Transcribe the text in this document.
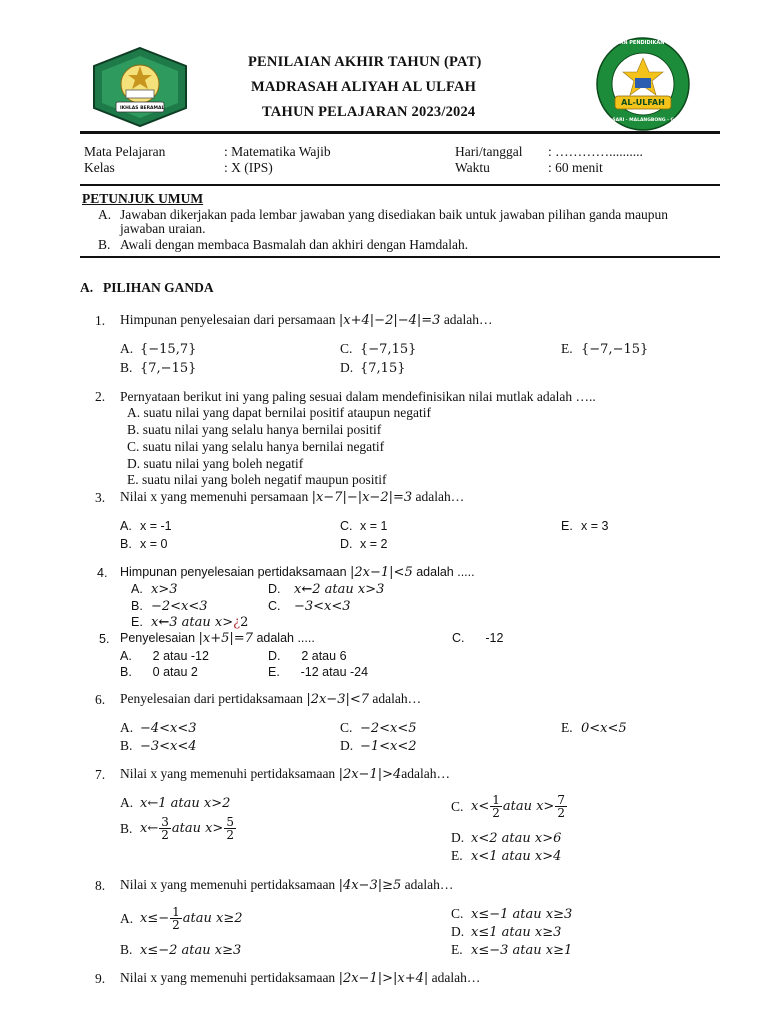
IKHLAS BERAMAL
PENILAIAN AKHIR TAHUN (PAT)
MADRASAH ALIYAH AL ULFAH
TAHUN PELAJARAN 2023/2024
YAYASAN PENDIDIKAN ISLAM
AL-ULFAH
BEJI SARI · MALANGBONG · GARUT
Mata Pelajaran	: Matematika Wajib	Hari/tanggal : …………..........
Kelas	: X (IPS)	Waktu	: 60 menit
PETUNJUK UMUM
A. Jawaban dikerjakan pada lembar jawaban yang disediakan baik untuk jawaban pilihan ganda maupun
jawaban uraian.
B. Awali dengan membaca Basmalah dan akhiri dengan Hamdalah.
A. PILIHAN GANDA
1. Himpunan penyelesaian dari persamaan |x+4|−2|−4|=3 adalah…
A. {−15,7}
B. {7,−15}
C. {−7,15}
D. {7,15}
E. {−7,−15}
2. Pernyataan berikut ini yang paling sesuai dalam mendefinisikan nilai mutlak adalah …..
A. suatu nilai yang dapat bernilai positif ataupun negatif
B. suatu nilai yang selalu hanya bernilai positif
C. suatu nilai yang selalu hanya bernilai negatif
D. suatu nilai yang boleh negatif
E. suatu nilai yang boleh negatif maupun positif
3. Nilai x yang memenuhi persamaan |x−7|−|x−2|=3 adalah…
A. x = -1
B. x = 0
C. x = 1
D. x = 2
E. x = 3
4. Himpunan penyelesaian pertidaksamaan |2x−1|<5 adalah .....
A. x>3	D. x←2 atau x>3
B. −2<x<3	C. −3<x<3
E. x←3 atau x>¿2
5. Penyelesaian |x+5|=7 adalah .....	C.      -12
A.      2 atau -12	D.      2 atau 6
B.      0 atau 2	E.      -12 atau -24
6. Penyelesaian dari pertidaksamaan |2x−3|<7 adalah…
A. −4<x<3
B. −3<x<4
C. −2<x<5
D. −1<x<2
E. 0<x<5
7. Nilai x yang memenuhi pertidaksamaan |2x−1|>4adalah…
A. x←1 atau x>2
B. x← $\frac{3}{2}$ atau $x> \frac{5}{2}$
C. $x< \frac{1}{2}$ atau $x> \frac{7}{2}$
D. x<2 atau x>6
E. x<1 atau x>4
8. Nilai x yang memenuhi pertidaksamaan |4x−3|≥5 adalah…
A. $x\le- \frac{1}{2}$ atau x≥2
B. x≤−2 atau x≥3
C. x≤−1 atau x≥3
D. x≤1 atau x≥3
E. x≤−3 atau x≥1
9. Nilai x yang memenuhi pertidaksamaan |2x−1|>|x+4| adalah…
